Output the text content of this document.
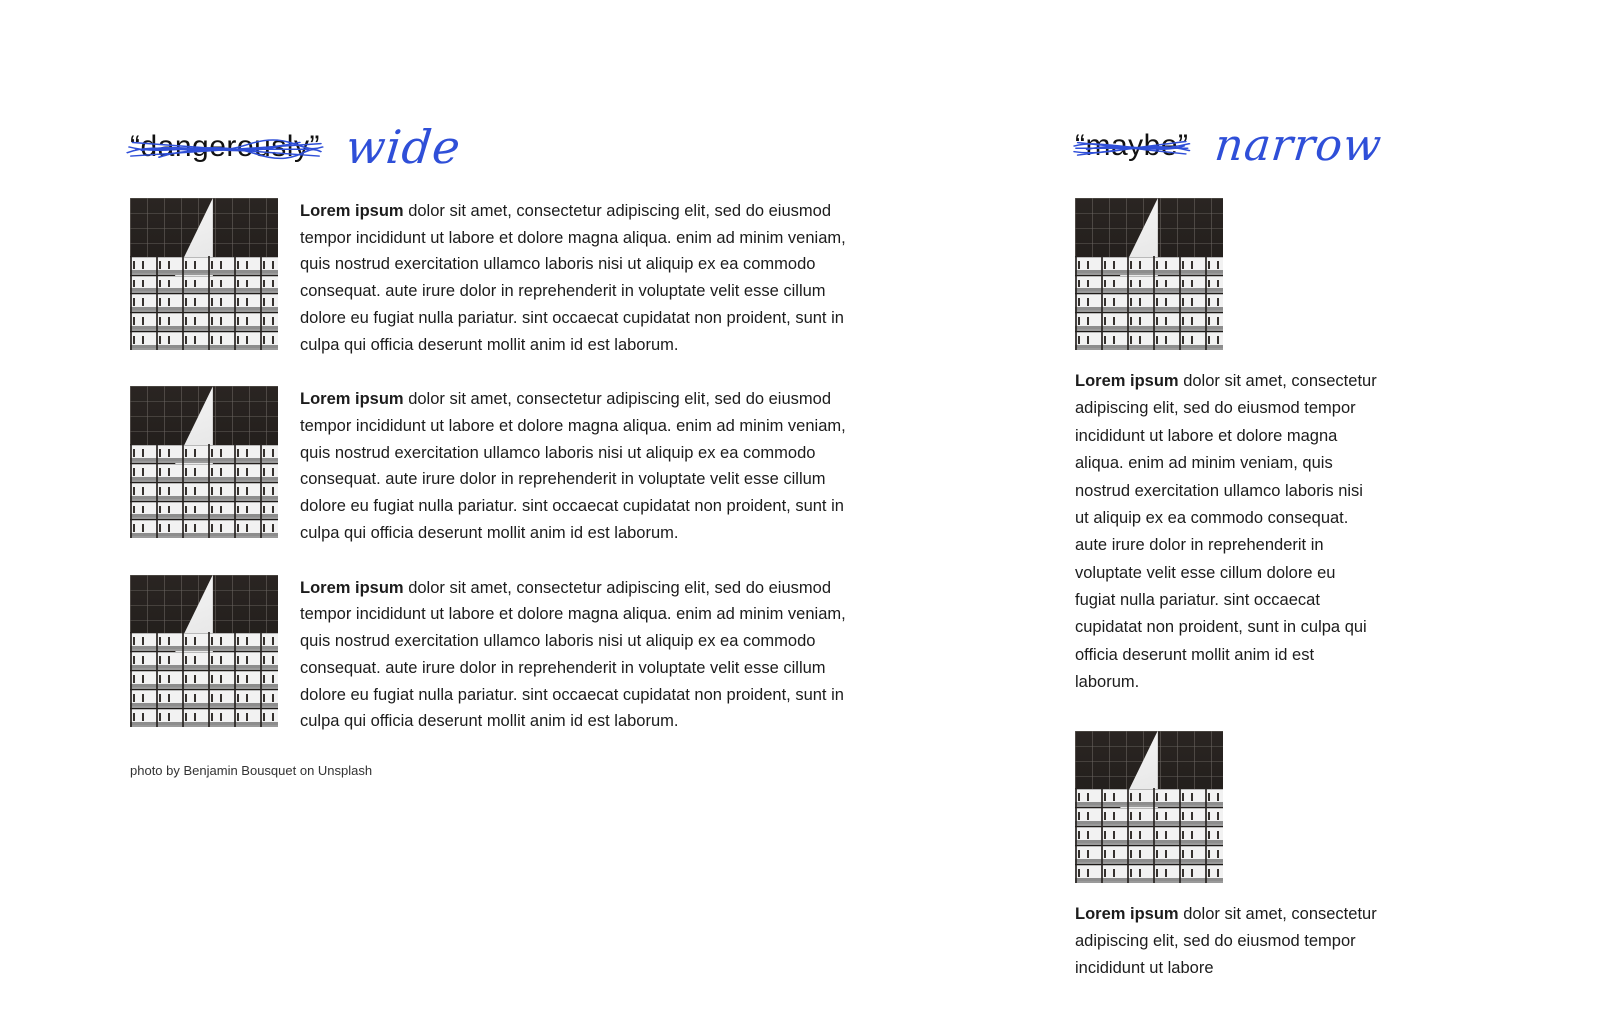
“dangerously” wide

Lorem ipsum dolor sit amet, consectetur adipiscing elit, sed do eiusmod tempor incididunt ut labore et dolore magna aliqua. enim ad minim veniam, quis nostrud exercitation ullamco laboris nisi ut aliquip ex ea commodo consequat. aute irure dolor in reprehenderit in voluptate velit esse cillum dolore eu fugiat nulla pariatur. sint occaecat cupidatat non proident, sunt in culpa qui officia deserunt mollit anim id est laborum.

Lorem ipsum dolor sit amet, consectetur adipiscing elit, sed do eiusmod tempor incididunt ut labore et dolore magna aliqua. enim ad minim veniam, quis nostrud exercitation ullamco laboris nisi ut aliquip ex ea commodo consequat. aute irure dolor in reprehenderit in voluptate velit esse cillum dolore eu fugiat nulla pariatur. sint occaecat cupidatat non proident, sunt in culpa qui officia deserunt mollit anim id est laborum.

Lorem ipsum dolor sit amet, consectetur adipiscing elit, sed do eiusmod tempor incididunt ut labore et dolore magna aliqua. enim ad minim veniam, quis nostrud exercitation ullamco laboris nisi ut aliquip ex ea commodo consequat. aute irure dolor in reprehenderit in voluptate velit esse cillum dolore eu fugiat nulla pariatur. sint occaecat cupidatat non proident, sunt in culpa qui officia deserunt mollit anim id est laborum.

photo by Benjamin Bousquet on Unsplash
“maybe” narrow

Lorem ipsum dolor sit amet, consectetur adipiscing elit, sed do eiusmod tempor incididunt ut labore et dolore magna aliqua. enim ad minim veniam, quis nostrud exercitation ullamco laboris nisi ut aliquip ex ea commodo consequat. aute irure dolor in reprehenderit in voluptate velit esse cillum dolore eu fugiat nulla pariatur. sint occaecat cupidatat non proident, sunt in culpa qui officia deserunt mollit anim id est laborum.

Lorem ipsum dolor sit amet, consectetur adipiscing elit, sed do eiusmod tempor incididunt ut labore
